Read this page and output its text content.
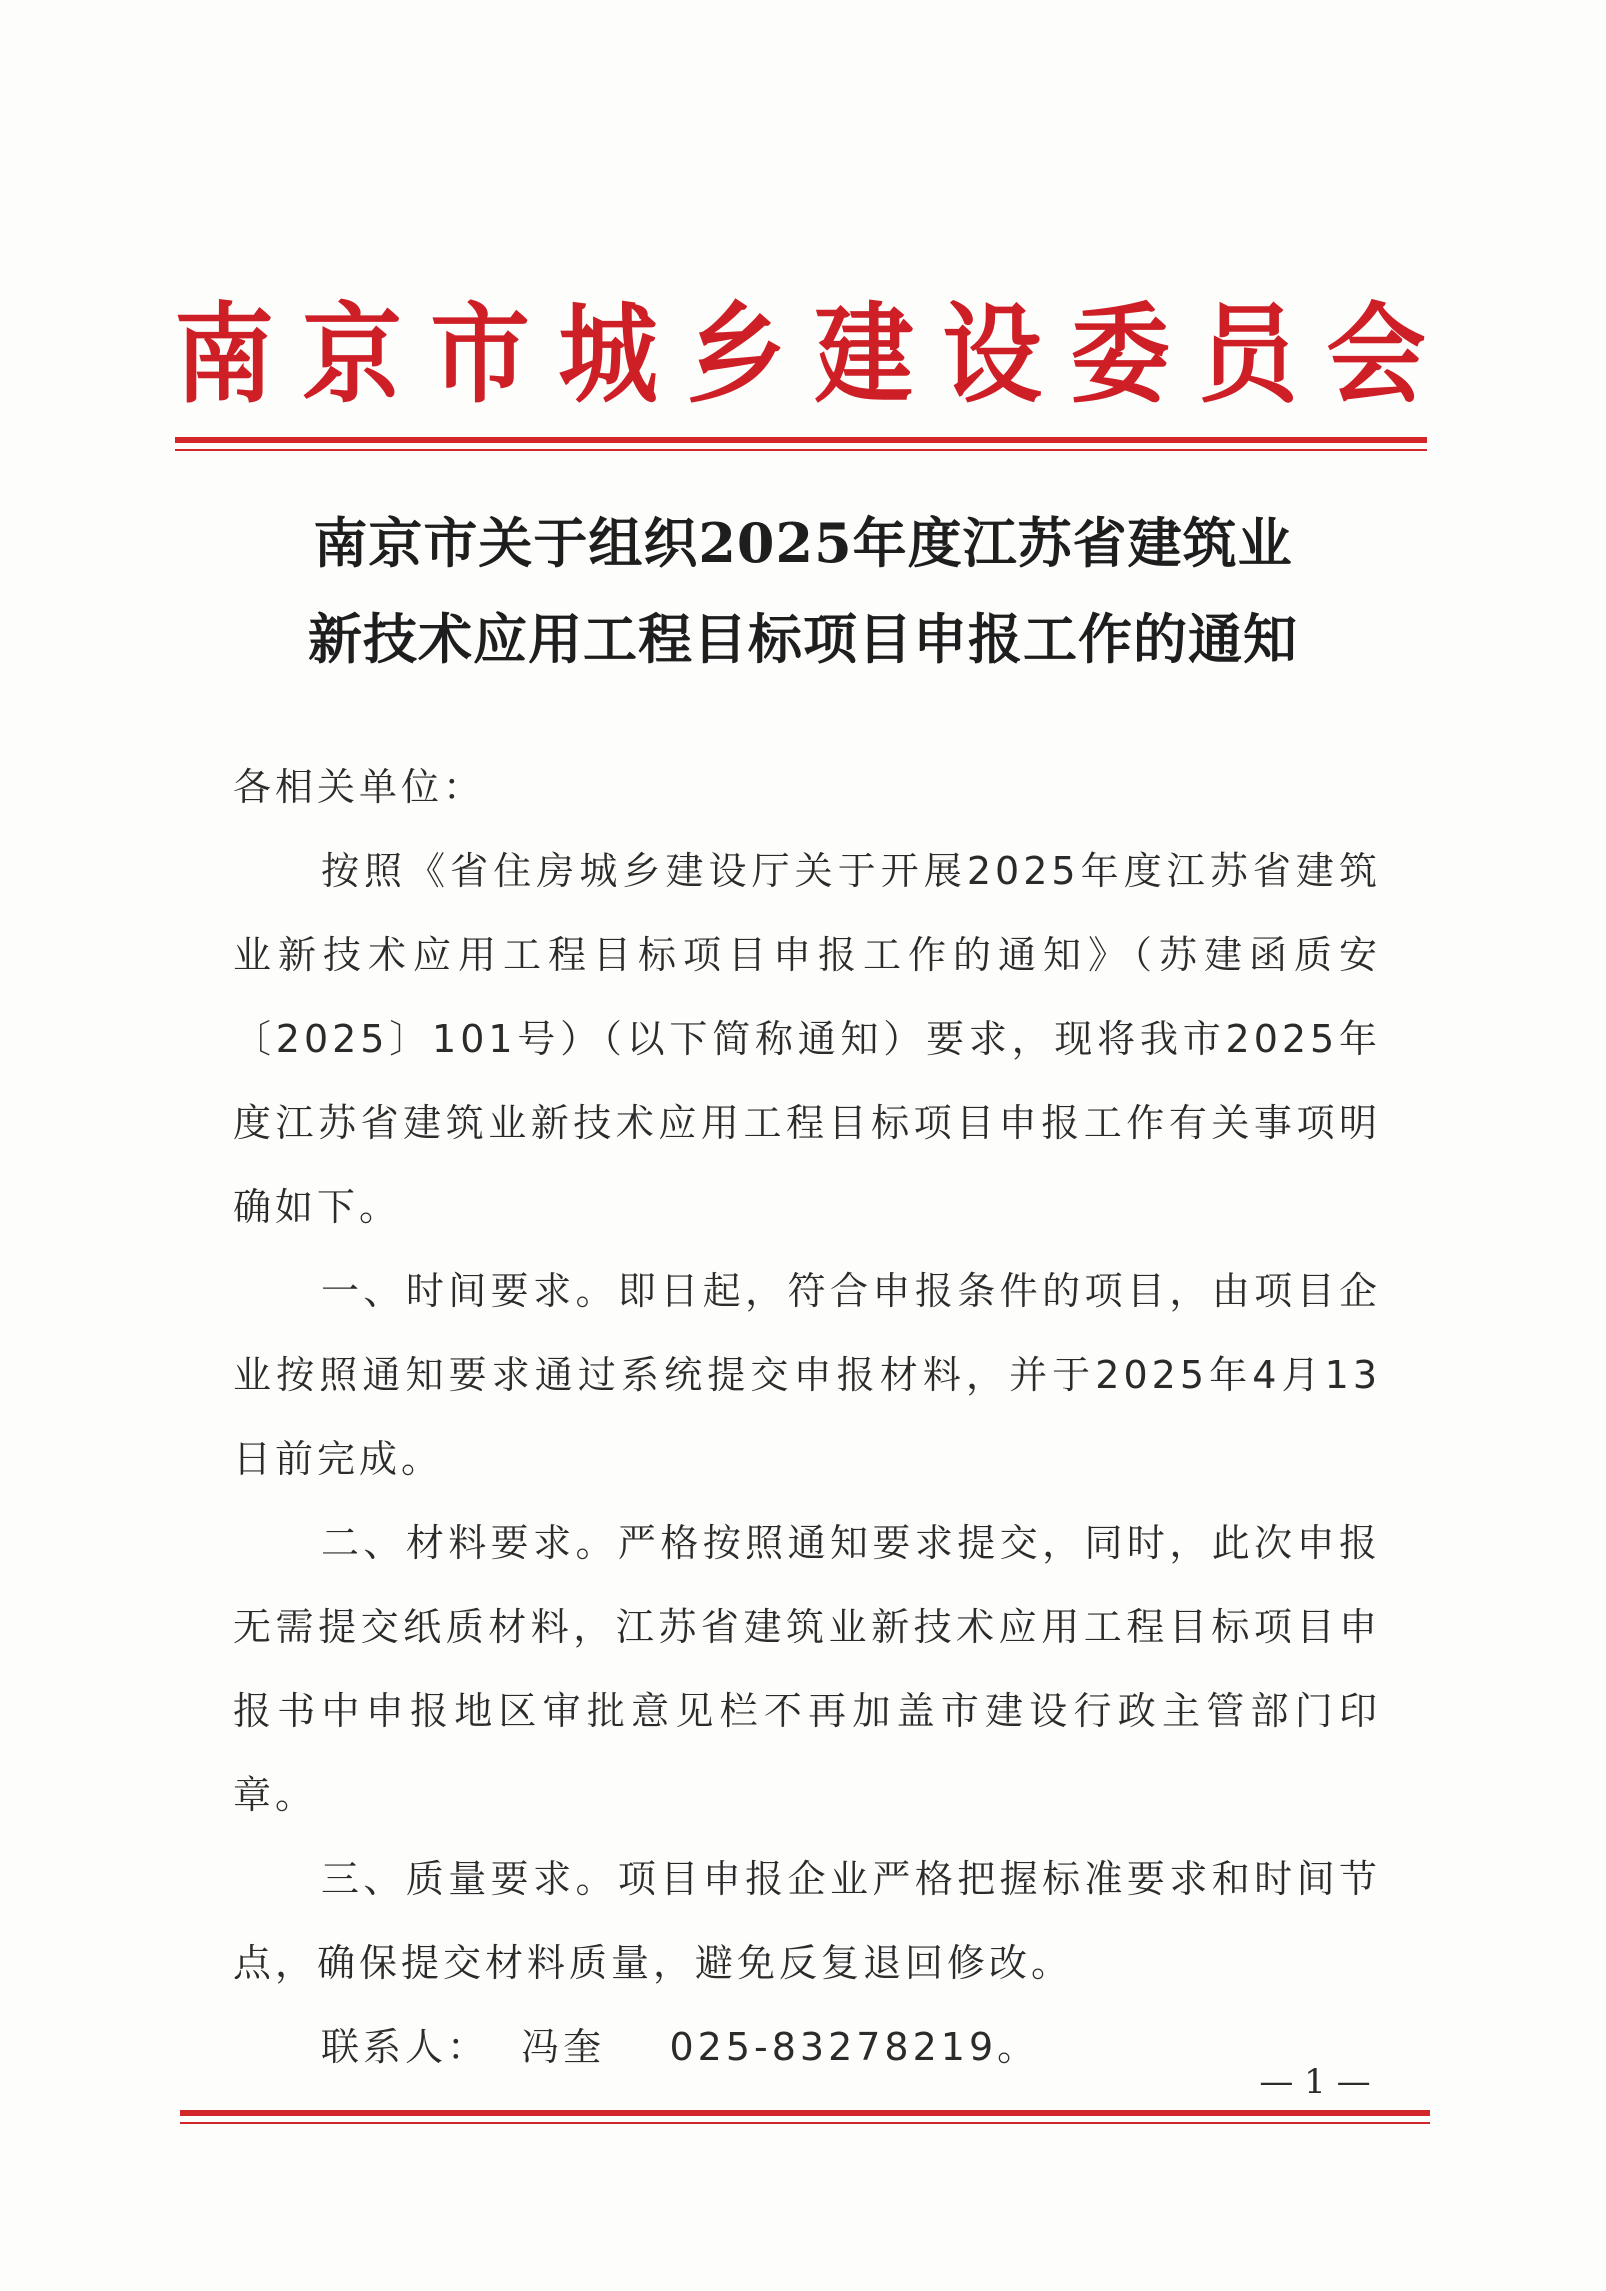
南 京 市 城 乡 建 设 委 员 会
南京市关于组织2025年度江苏省建筑业
新技术应用工程目标项目申报工作的通知

各相关单位：

按照《省住房城乡建设厅关于开展2025年度江苏省建筑业新技术应用工程目标项目申报工作的通知》（苏建函质安〔2025〕101号）（以下简称通知）要求，现将我市2025年度江苏省建筑业新技术应用工程目标项目申报工作有关事项明确如下。

一、时间要求。即日起，符合申报条件的项目，由项目企业按照通知要求通过系统提交申报材料，并于2025年4月13日前完成。

二、材料要求。严格按照通知要求提交，同时，此次申报无需提交纸质材料，江苏省建筑业新技术应用工程目标项目申报书中申报地区审批意见栏不再加盖市建设行政主管部门印章。

三、质量要求。项目申报企业严格把握标准要求和时间节点，确保提交材料质量，避免反复退回修改。

联系人：  冯奎    025-83278219。

— 1 —
